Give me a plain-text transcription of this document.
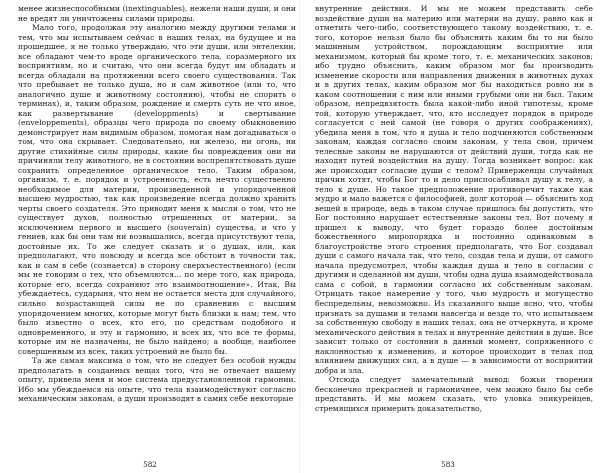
менее жизнеспособными (inextinguables), нежели наши души, и они не вредят ли уничтожены силами природы.

Мало того, продолжая эту аналогию между другими телами и тем, что мы испытываем сейчас в наших телах, на будущее и на прошедшее, я не только утверждаю, что эти души, или энтелехии, все обладают чем-то вроде органического тела, соразмерного их восприятиям, но и считаю, что они всегда будут им обладать и всегда обладали на протяжении всего своего существования. Так что пребывает не только душа, но и сам животное (или то, что аналогично душе и животному состоянию), чтобы не спорить о терминах), и, таким образом, рождение и смерть суть не что иное, как развертывание (developpments) и свертывание (enveloppements), образцы чего природа по своему обыкновению демонстрирует нам видимым образом, помогая нам догадываться о том, что она скрывает. Следовательно, ни железо, ни огонь, ни другие стихийные силы природы, какие бы повреждения они ни причиняли телу животного, не в состоянии воспрепятствовать душе сохранить определенное органическое тело. Таким образом, организм, т. е. порядок и устроенность, есть нечто существенно необходимое для материи, произведенной и упорядоченной высшею мудростью, так как произведение всегда должно хранить черты своего создателя. Это приводит меня к мысли о том, что не существует духов, полностью отрешенных от материи, за исключением первого и высшего (souverain) существа, и что у гениев, как бы они там ни возвышались, всегда присутствуют тела, достойные их. То же следует сказать и о душах, или, как предполагают, что повсюду и всегда все обстоит в точности так, как и сам в себе (сознается) в сторону сверхъестественного) (если мы не говорим о тех, что объемлются... по мере того, как природа, которые его, всегда сохраняют это взаимоотношение». Итак, Вы убеждаетесь, сударыня, что нем не остается места для случайного, сильно возрастающей силы не по сравнению с высшим упорядочением многих, которые могут быть близки к нам; тем, что было известно о всех, кто его, по средствам подобного и одновременного, и эту и гармонию, и всех их, что все те формы, которые им не назначены, не было найдено; а вообще, наиболее совершенным из всех, таких устроений не было бы.

Та же самая максима о том, что не следует без особой нужды предполагать в созданных вещах того, что не отвечает нашему опыту, привела меня и мое система предустановленной гармонии. Ибо мы убеждаемся на опыте, что тела взаимодействуют согласно механическим законам, а души производят в самих себе некоторые

внутренние действия. И мы не можем представить себе воздействие души на материю или материи на душу, равно как и отметить чего-либо, соответствующего такому воздействию, т. е. того, которое нельзя было бы объяснить каким бы то ни было машинным устройством, порождающим восприятие или механизмом, который бы кроме того, т. е. механических законов; ибо трудно объяснить, каким образом мог бы производить изменение скорости или направления движения в животных духах и в других телах, каким образом мог бы находиться ровно ни в каком соотношении с ним или иными грубыми они ни был. Таким образом, непредвзятость была какой-либо иной гипотезы, кроме той, которую утверждает, что, кто исследует порядок в природе согласуется с ней самой (не говоря о других соображениях), убедила меня в том, что я душа и тело подчиняются собственным законам, каждая согласно своим законам, у тела свои, причем телесные законы не нарушаются от действий души, тогда как не находят путей воздействия на душу. Тогда возникает вопрос: как же происходит согласие души с телом? Приверженцы случайных причин хотят, чтобы Бог то и дело приспосабливал душу к телу, а тело к душе. Но такое предположение противоречит также как мудро и мало важется с философией, долг которой — объяснить ход вещей в природе, ведь в таком случае пришлось бы допустить, что Бог постоянно нарушает естественные законы тел. Вот почему я пришел к выводу, что будет гораздо более достойным божественного миропорядка и постоянно одинаковым в благоустройстве этого строения предполагать, что Бог создавал души с самого начала так, что тело, создав тела и души, от самого начала предусмотрел, чтобы каждая душа и тело в согласии с другими и сделанной им души, чтобы одна душа взаимодействовала сама с собой, в гармонии согласно их собственным законам. Отрицать такое намерение у того, чью мудрость и могущество беспредельны, невозможно. Из сказанного выше ясно, что, чтобы признать за душами и телами навсегда и везде то, что испытываем за собственную свободу в наших телах, она не отчеркнута, и кроме механического действия в телах и внутренние действия в душе. Все зависит только от состояния в данный момент, сопряженного с наклонностью к изменению, и которое происходит в телах под влиянием движущих сил, а в душе — в зависимости от восприятий добра и зла.

Отсюда следует замечательный вывод: божьи творения бесконечно прекрасней и гармоничнее, чем можно было бы себе представить. И мы можем сказать, что уловка эпикурейцев, стремящихся примерить доказательство,

582	583
